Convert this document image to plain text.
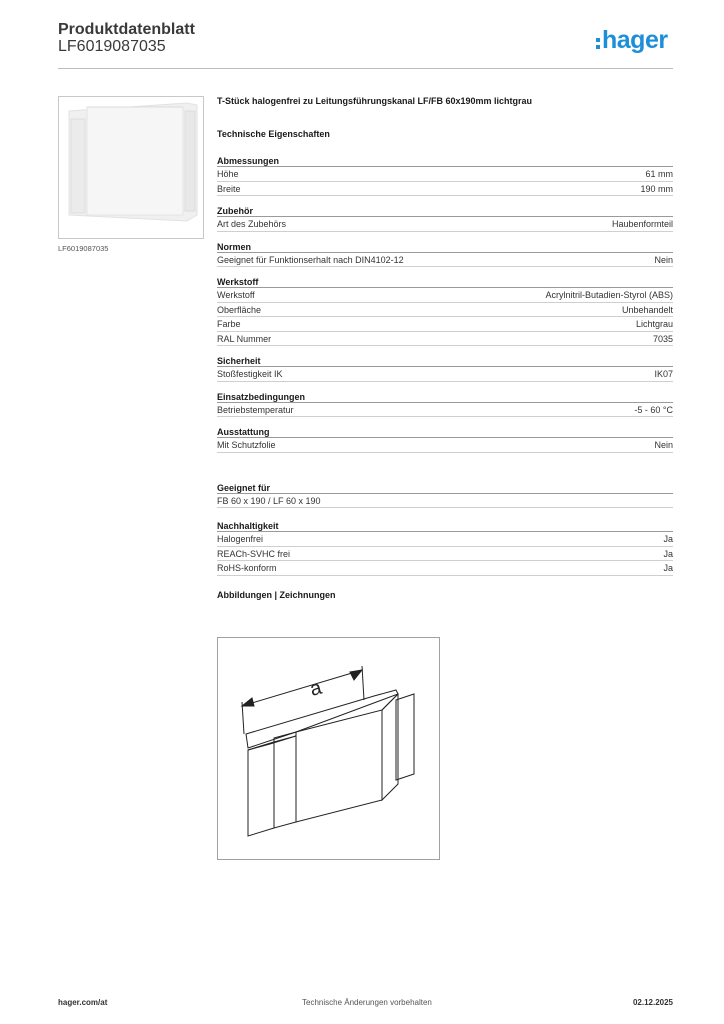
Produktdatenblatt
LF6019087035	hager
LF6019087035
T-Stück halogenfrei zu Leitungsführungskanal LF/FB 60x190mm lichtgrau
Technische Eigenschaften
Abmessungen
Höhe	61 mm
Breite	190 mm
Zubehör
Art des Zubehörs	Haubenformteil
Normen
Geeignet für Funktionserhalt nach DIN4102-12	Nein
Werkstoff
Werkstoff	Acrylnitril-Butadien-Styrol (ABS)
Oberfläche	Unbehandelt
Farbe	Lichtgrau
RAL Nummer	7035
Sicherheit
Stoßfestigkeit IK	IK07
Einsatzbedingungen
Betriebstemperatur	-5 - 60 °C
Ausstattung
Mit Schutzfolie	Nein
Geeignet für
FB 60 x 190 / LF 60 x 190
Nachhaltigkeit
Halogenfrei	Ja
REACh-SVHC frei	Ja
RoHS-konform	Ja
Abbildungen | Zeichnungen
a
hager.com/at	Technische Änderungen vorbehalten	02.12.2025
